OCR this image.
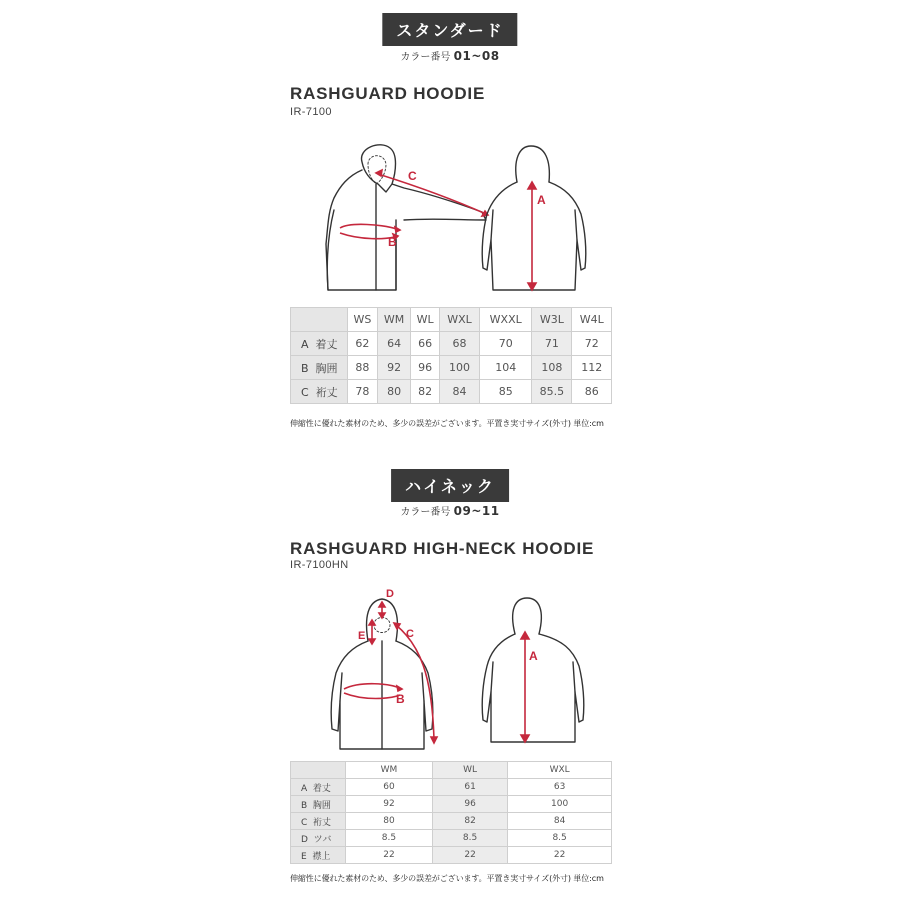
スタンダード
カラー番号 01~08
RASHGUARD HOODIE
IR-7100
C
B
A
	WS	WM	WL	WXL	WXXL	W3L	W4L
A 着丈	62	64	66	68	70	71	72
B 胸囲	88	92	96	100	104	108	112
C 裄丈	78	80	82	84	85	85.5	86
伸縮性に優れた素材のため、多少の誤差がございます。平置き実寸サイズ(外寸) 単位:cm
ハイネック
カラー番号 09~11
RASHGUARD HIGH-NECK HOODIE
IR-7100HN
D
E	C
B
A
	WM	WL	WXL
A 着丈	60	61	63
B 胸囲	92	96	100
C 裄丈	80	82	84
D ツバ	8.5	8.5	8.5
E 襟上	22	22	22
伸縮性に優れた素材のため、多少の誤差がございます。平置き実寸サイズ(外寸) 単位:cm
